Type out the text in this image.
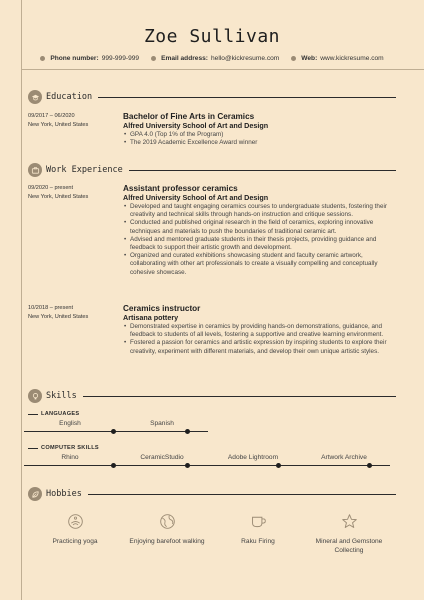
Zoe Sullivan
Phone number: 999-999-999	Email address: hello@kickresume.com	Web: www.kickresume.com
Education
09/2017 – 06/2020
New York, United States
Bachelor of Fine Arts in Ceramics
Alfred University School of Art and Design
• GPA 4.0 (Top 1% of the Program)
• The 2019 Academic Excellence Award winner
Work Experience
09/2020 – present
New York, United States
Assistant professor ceramics
Alfred University School of Art and Design
• Developed and taught engaging ceramics courses to undergraduate students, fostering their creativity and technical skills through hands-on instruction and critique sessions.
• Conducted and published original research in the field of ceramics, exploring innovative techniques and materials to push the boundaries of traditional ceramic art.
• Advised and mentored graduate students in their thesis projects, providing guidance and feedback to support their artistic growth and development.
• Organized and curated exhibitions showcasing student and faculty ceramic artwork, collaborating with other art professionals to create a visually compelling and conceptually cohesive showcase.
10/2018 – present
New York, United States
Ceramics instructor
Artisana pottery
• Demonstrated expertise in ceramics by providing hands-on demonstrations, guidance, and feedback to students of all levels, fostering a supportive and creative learning environment.
• Fostered a passion for ceramics and artistic expression by inspiring students to explore their creativity, experiment with different materials, and develop their own unique artistic styles.
Skills
LANGUAGES
English	Spanish
COMPUTER SKILLS
Rhino	CeramicStudio	Adobe Lightroom	Artwork Archive
Hobbies
Practicing yoga	Enjoying barefoot walking	Raku Firing	Mineral and Gemstone Collecting
